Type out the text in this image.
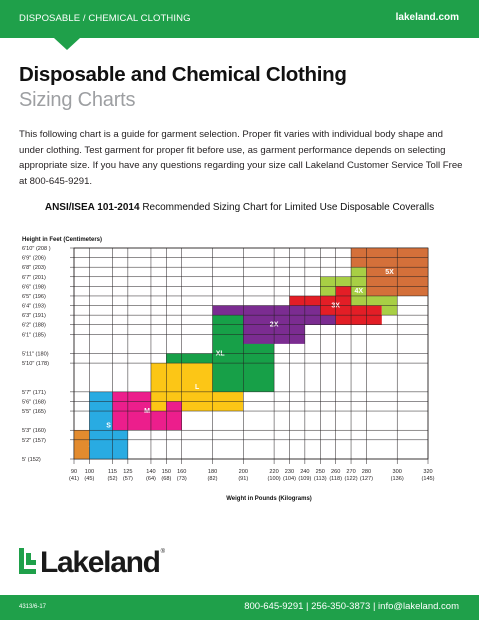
DISPOSABLE / CHEMICAL CLOTHING	lakeland.com
Disposable and Chemical Clothing
Sizing Charts

This following chart is a guide for garment selection. Proper fit varies with individual body shape and under clothing. Test garment for proper fit before use, as garment performance depends on selecting appropriate size. If you have any questions regarding your size call Lakeland Customer Service Toll Free at 800-645-9291.

ANSI/ISEA 101-2014 Recommended Sizing Chart for Limited Use Disposable Coveralls
Height in Feet (Centimeters)
S
M
L
XL
2X
3X
4X
5X
6'10" (208 )
6'9" (206)
6'8" (203)
6'7" (201)
6'6" (198)
6'5" (196)
6'4" (193)
6'3" (191)
6'2" (188)
6'1" (185)
5'11" (180)
5'10" (178)
5'7" (171)
5'6" (168)
5'5" (165)
5'3" (160)
5'2" (157)
5' (152)
90
(41)
100
(45)
115
(52)
125
(57)
140
(64)
150
(68)
160
(73)
180
(82)
200
(91)
220
(100)
230
(104)
240
(109)
250
(113)
260
(118)
270
(122)
280
(127)
300
(136)
320
(145)
Weight in Pounds (Kilograms)
Lakeland ®
4313/6-17	800-645-9291 | 256-350-3873 | info@lakeland.com
